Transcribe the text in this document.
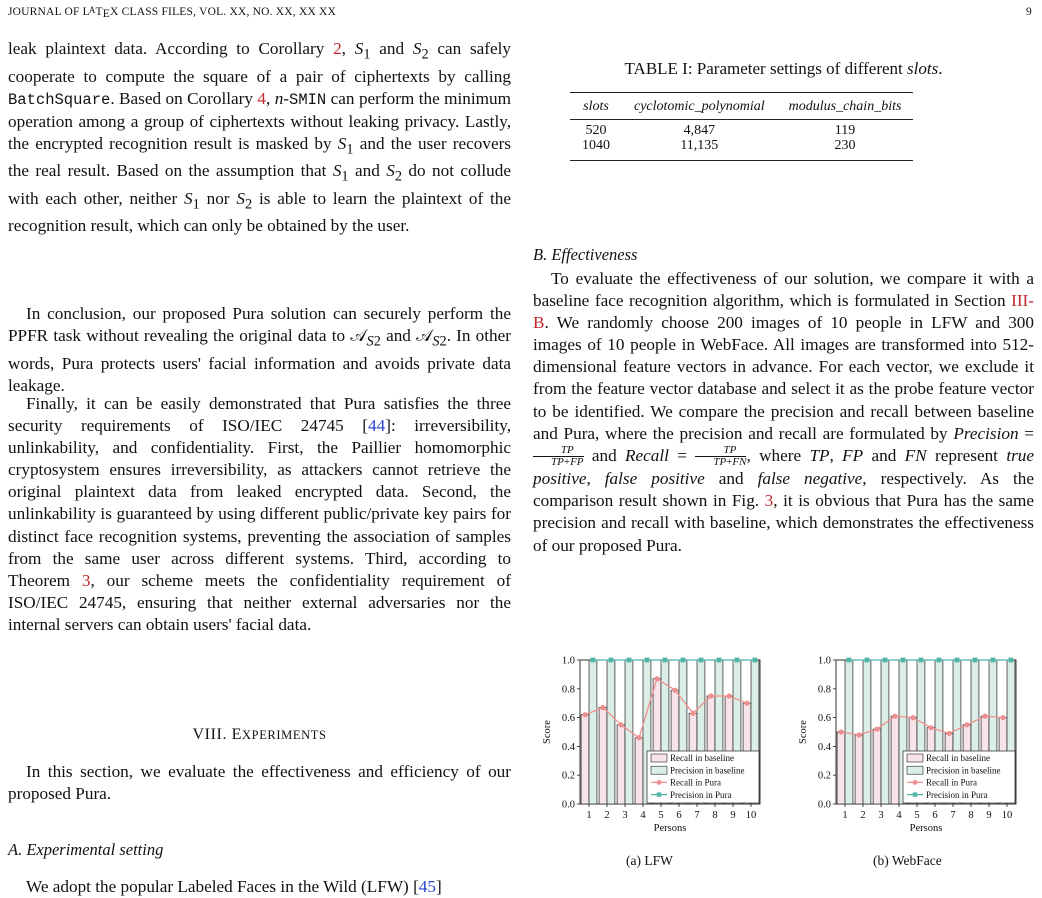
JOURNAL OF LATEX CLASS FILES, VOL. XX, NO. XX, XX XX	9

leak plaintext data. According to Corollary 2, $S_1$ and $S_2$ can safely cooperate to compute the square of a pair of ciphertexts by calling BatchSquare. Based on Corollary 4, n-SMIN can perform the minimum operation among a group of ciphertexts without leaking privacy. Lastly, the encrypted recognition result is masked by $S_1$ and the user recovers the real result. Based on the assumption that $S_1$ and $S_2$ do not collude with each other, neither $S_1$ nor $S_2$ is able to learn the plaintext of the recognition result, which can only be obtained by the user.

In conclusion, our proposed Pura solution can securely perform the PPFR task without revealing the original data to 𝒜$_{S2}$ and 𝒜$_{S2}$. In other words, Pura protects users' facial information and avoids private data leakage.

Finally, it can be easily demonstrated that Pura satisfies the three security requirements of ISO/IEC 24745 [44]: irreversibility, unlinkability, and confidentiality. First, the Paillier homomorphic cryptosystem ensures irreversibility, as attackers cannot retrieve the original plaintext data from leaked encrypted data. Second, the unlinkability is guaranteed by using different public/private key pairs for distinct face recognition systems, preventing the association of samples from the same user across different systems. Third, according to Theorem 3, our scheme meets the confidentiality requirement of ISO/IEC 24745, ensuring that neither external adversaries nor the internal servers can obtain users' facial data.

VIII. EXPERIMENTS

In this section, we evaluate the effectiveness and efficiency of our proposed Pura.

A. Experimental setting

We adopt the popular Labeled Faces in the Wild (LFW) [45]

TABLE I: Parameter settings of different slots.
slots	cyclotomic_polynomial	modulus_chain_bits
520	4,847	119
1040	11,135	230
B. Effectiveness

To evaluate the effectiveness of our solution, we compare it with a baseline face recognition algorithm, which is formulated in Section III-B. We randomly choose 200 images of 10 people in LFW and 300 images of 10 people in WebFace. All images are transformed into 512-dimensional feature vectors in advance. For each vector, we exclude it from the feature vector database and select it as the probe feature vector to be identified. We compare the precision and recall between baseline and Pura, where the precision and recall are formulated by Precision =
$\frac{TP}{TP+FP}$ and Recall = $\frac{TP}{TP+FN}$ , where TP, FP and FN represent true positive, false positive and false negative, respectively. As the comparison result shown in Fig. 3, it is obvious that Pura has the same precision and recall with baseline, which demonstrates the effectiveness of our proposed Pura.

0.0
0.2
0.4
0.6
0.8
1.0
Score
1 2 3 4 5 6 7 8 9 10
Persons
Recall in baseline
Precision in baseline
Recall in Pura
Precision in Pura
0.0
0.2
0.4
0.6
0.8
1.0
Score
1 2 3 4 5 6 7 8 9 10
Persons
Recall in baseline
Precision in baseline
Recall in Pura
Precision in Pura
(a) LFW	(b) WebFace
